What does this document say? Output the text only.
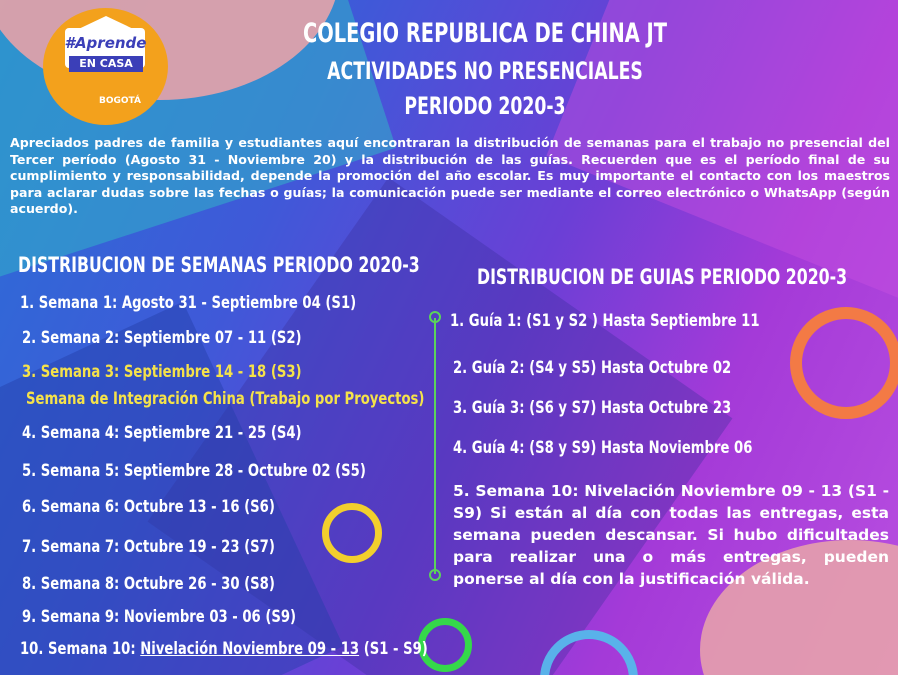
#Aprende
EN CASA
BOGOTÁ
COLEGIO REPUBLICA DE CHINA JT
ACTIVIDADES NO PRESENCIALES
PERIODO 2020-3
Apreciados padres de familia y estudiantes aquí encontraran la distribución de semanas para el trabajo no presencial del Tercer período (Agosto 31 - Noviembre 20) y la distribución de las guías. Recuerden que es el período final de su cumplimiento y responsabilidad, depende la promoción del año escolar. Es muy importante el contacto con los maestros para aclarar dudas sobre las fechas o guías; la comunicación puede ser mediante el correo electrónico o WhatsApp (según acuerdo).
DISTRIBUCION DE SEMANAS PERIODO 2020-3
1. Semana 1: Agosto 31 - Septiembre 04 (S1)
2. Semana 2: Septiembre 07 - 11 (S2)
3. Semana 3: Septiembre 14 - 18 (S3)
Semana de Integración China (Trabajo por Proyectos)
4. Semana 4: Septiembre 21 - 25 (S4)
5. Semana 5: Septiembre 28 - Octubre 02 (S5)
6. Semana 6: Octubre 13 - 16 (S6)
7. Semana 7: Octubre 19 - 23 (S7)
8. Semana 8: Octubre 26 - 30 (S8)
9. Semana 9: Noviembre 03 - 06 (S9)
10. Semana 10: Nivelación Noviembre 09 - 13 (S1 - S9)
DISTRIBUCION DE GUIAS PERIODO 2020-3
1. Guía 1: (S1 y S2 ) Hasta Septiembre 11
2. Guía 2: (S4 y S5) Hasta Octubre 02
3. Guía 3: (S6 y S7) Hasta Octubre 23
4. Guía 4: (S8 y S9) Hasta Noviembre 06
5. Semana 10: Nivelación Noviembre 09 - 13 (S1 - S9) Si están al día con todas las entregas, esta semana pueden descansar. Si hubo dificultades para realizar una o más entregas, pueden ponerse al día con la justificación válida.
